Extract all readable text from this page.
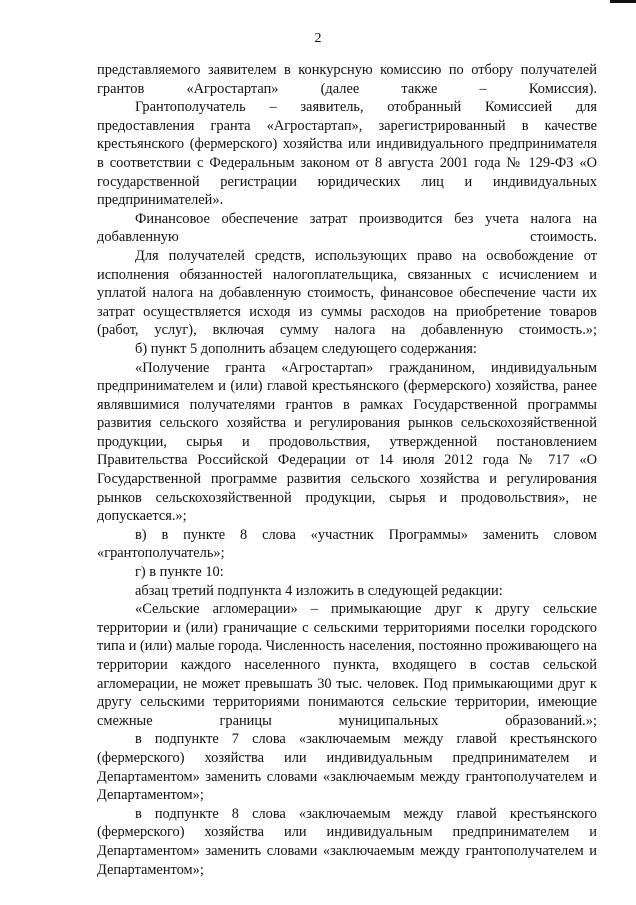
2

представляемого заявителем в конкурсную комиссию по отбору получателей грантов «Агростартап» (далее также – Комиссия).

Грантополучатель – заявитель, отобранный Комиссией для предоставления гранта «Агростартап», зарегистрированный в качестве крестьянского (фермерского) хозяйства или индивидуального предпринимателя в соответствии с Федеральным законом от 8 августа 2001 года № 129-ФЗ «О государственной регистрации юридических лиц и индивидуальных предпринимателей».

Финансовое обеспечение затрат производится без учета налога на добавленную стоимость.

Для получателей средств, использующих право на освобождение от исполнения обязанностей налогоплательщика, связанных с исчислением и уплатой налога на добавленную стоимость, финансовое обеспечение части их затрат осуществляется исходя из суммы расходов на приобретение товаров (работ, услуг), включая сумму налога на добавленную стоимость.»;

б) пункт 5 дополнить абзацем следующего содержания:

«Получение гранта «Агростартап» гражданином, индивидуальным предпринимателем и (или) главой крестьянского (фермерского) хозяйства, ранее являвшимися получателями грантов в рамках Государственной программы развития сельского хозяйства и регулирования рынков сельскохозяйственной продукции, сырья и продовольствия, утвержденной постановлением Правительства Российской Федерации от 14 июля 2012 года № 717 «О Государственной программе развития сельского хозяйства и регулирования рынков сельскохозяйственной продукции, сырья и продовольствия», не допускается.»;

в) в пункте 8 слова «участник Программы» заменить словом «грантополучатель»;

г) в пункте 10:

абзац третий подпункта 4 изложить в следующей редакции:

«Сельские агломерации» – примыкающие друг к другу сельские территории и (или) граничащие с сельскими территориями поселки городского типа и (или) малые города. Численность населения, постоянно проживающего на территории каждого населенного пункта, входящего в состав сельской агломерации, не может превышать 30 тыс. человек. Под примыкающими друг к другу сельскими территориями понимаются сельские территории, имеющие смежные границы муниципальных	образований.»;

в подпункте 7 слова «заключаемым между главой крестьянского (фермерского) хозяйства или индивидуальным предпринимателем и Департаментом» заменить словами «заключаемым между грантополучателем и Департаментом»;

в подпункте 8 слова «заключаемым между главой крестьянского (фермерского) хозяйства или индивидуальным предпринимателем и Департаментом» заменить словами «заключаемым между грантополучателем и Департаментом»;
